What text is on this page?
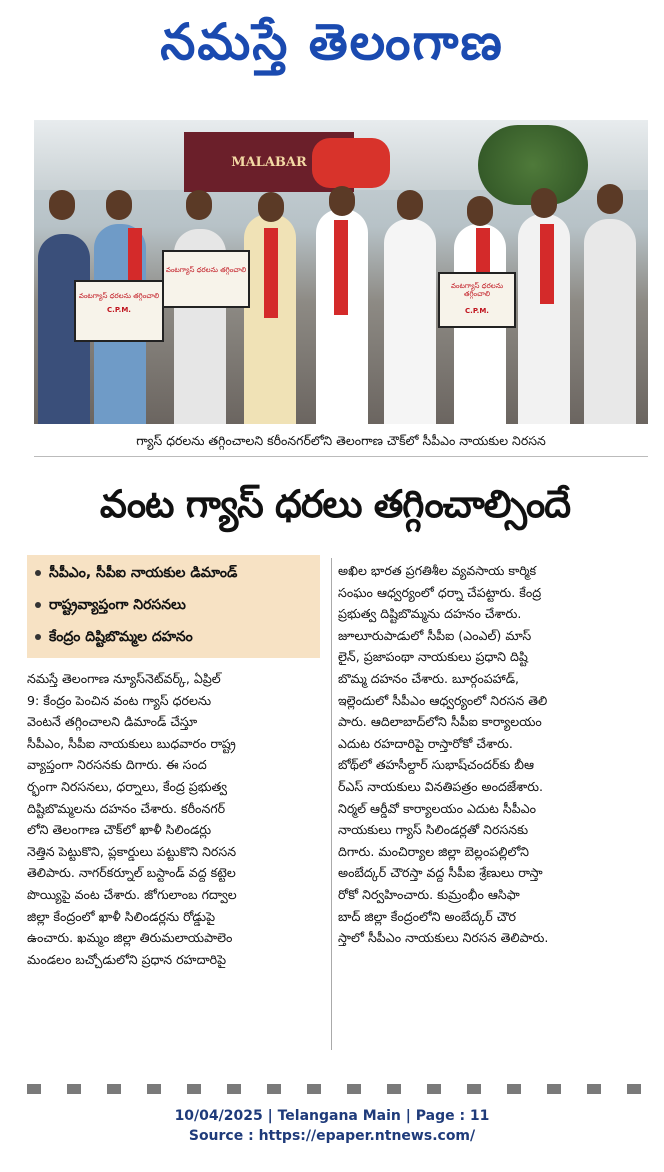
నమస్తే తెలంగాణ
MALABAR
వంటగ్యాస్ ధరలను తగ్గించాలి
C.P.M.
వంటగ్యాస్ ధరలను తగ్గించాలి
వంటగ్యాస్ ధరలను తగ్గించాలి
C.P.M.
గ్యాస్ ధరలను తగ్గించాలని కరీంనగర్‌లోని తెలంగాణ చౌక్‌లో సీపీఎం నాయకుల నిరసన
వంట గ్యాస్ ధరలు తగ్గించాల్సిందే
సీపీఎం, సీపీఐ నాయకుల డిమాండ్
రాష్ట్రవ్యాప్తంగా నిరసనలు
కేంద్రం దిష్టిబొమ్మల దహనం
నమస్తే తెలంగాణ న్యూస్‌నెట్‌వర్క్, ఏప్రిల్
9: కేంద్రం పెంచిన వంట గ్యాస్ ధరలను
వెంటనే తగ్గించాలని డిమాండ్ చేస్తూ
సీపీఎం, సీపీఐ నాయకులు బుధవారం రాష్ట్ర
వ్యాప్తంగా నిరసనకు దిగారు. ఈ సంద
ర్భంగా నిరసనలు, ధర్నాలు, కేంద్ర ప్రభుత్వ
దిష్టిబొమ్మలను దహనం చేశారు. కరీంనగర్
లోని తెలంగాణ చౌక్‌లో ఖాళీ సిలిండర్లు
నెత్తిన పెట్టుకొని, ప్లకార్డులు పట్టుకొని నిరసన
తెలిపారు. నాగర్‌కర్నూల్ బస్టాండ్ వద్ద కట్టెల
పొయ్యిపై వంట చేశారు. జోగులాంబ గద్వాల
జిల్లా కేంద్రంలో ఖాళీ సిలిండర్లను రోడ్డుపై
ఉంచారు. ఖమ్మం జిల్లా తిరుమలాయపాలెం
మండలం బచ్చోడులోని ప్రధాన రహదారిపై
అఖిల భారత ప్రగతిశీల వ్యవసాయ కార్మిక
సంఘం ఆధ్వర్యంలో ధర్నా చేపట్టారు. కేంద్ర
ప్రభుత్వ దిష్టిబొమ్మను దహనం చేశారు.
జూలూరుపాడులో సీపీఐ (ఎంఎల్) మాస్
లైన్, ప్రజాపంథా నాయకులు ప్రధాని దిష్టి
బొమ్మ దహనం చేశారు. బూర్గంపహాడ్,
ఇల్లెందులో సీపీఎం ఆధ్వర్యంలో నిరసన తెలి
పారు. ఆదిలాబాద్‌లోని సీపీఐ కార్యాలయం
ఎదుట రహదారిపై రాస్తారోకో చేశారు.
బోథ్‌లో తహసీల్దార్ సుభాష్‌చందర్‌కు బీఆ
ర్ఎస్ నాయకులు వినతిపత్రం అందజేశారు.
నిర్మల్ ఆర్డీవో కార్యాలయం ఎదుట సీపీఎం
నాయకులు గ్యాస్ సిలిండర్లతో నిరసనకు
దిగారు. మంచిర్యాల జిల్లా బెల్లంపల్లిలోని
అంబేద్కర్ చౌరస్తా వద్ద సీపీఐ శ్రేణులు రాస్తా
రోకో నిర్వహించారు. కుమ్రంభీం ఆసిఫా
బాద్ జిల్లా కేంద్రంలోని అంబేద్కర్ చౌర
స్తాలో సీపీఎం నాయకులు నిరసన తెలిపారు.
10/04/2025 | Telangana Main | Page : 11
Source : https://epaper.ntnews.com/
